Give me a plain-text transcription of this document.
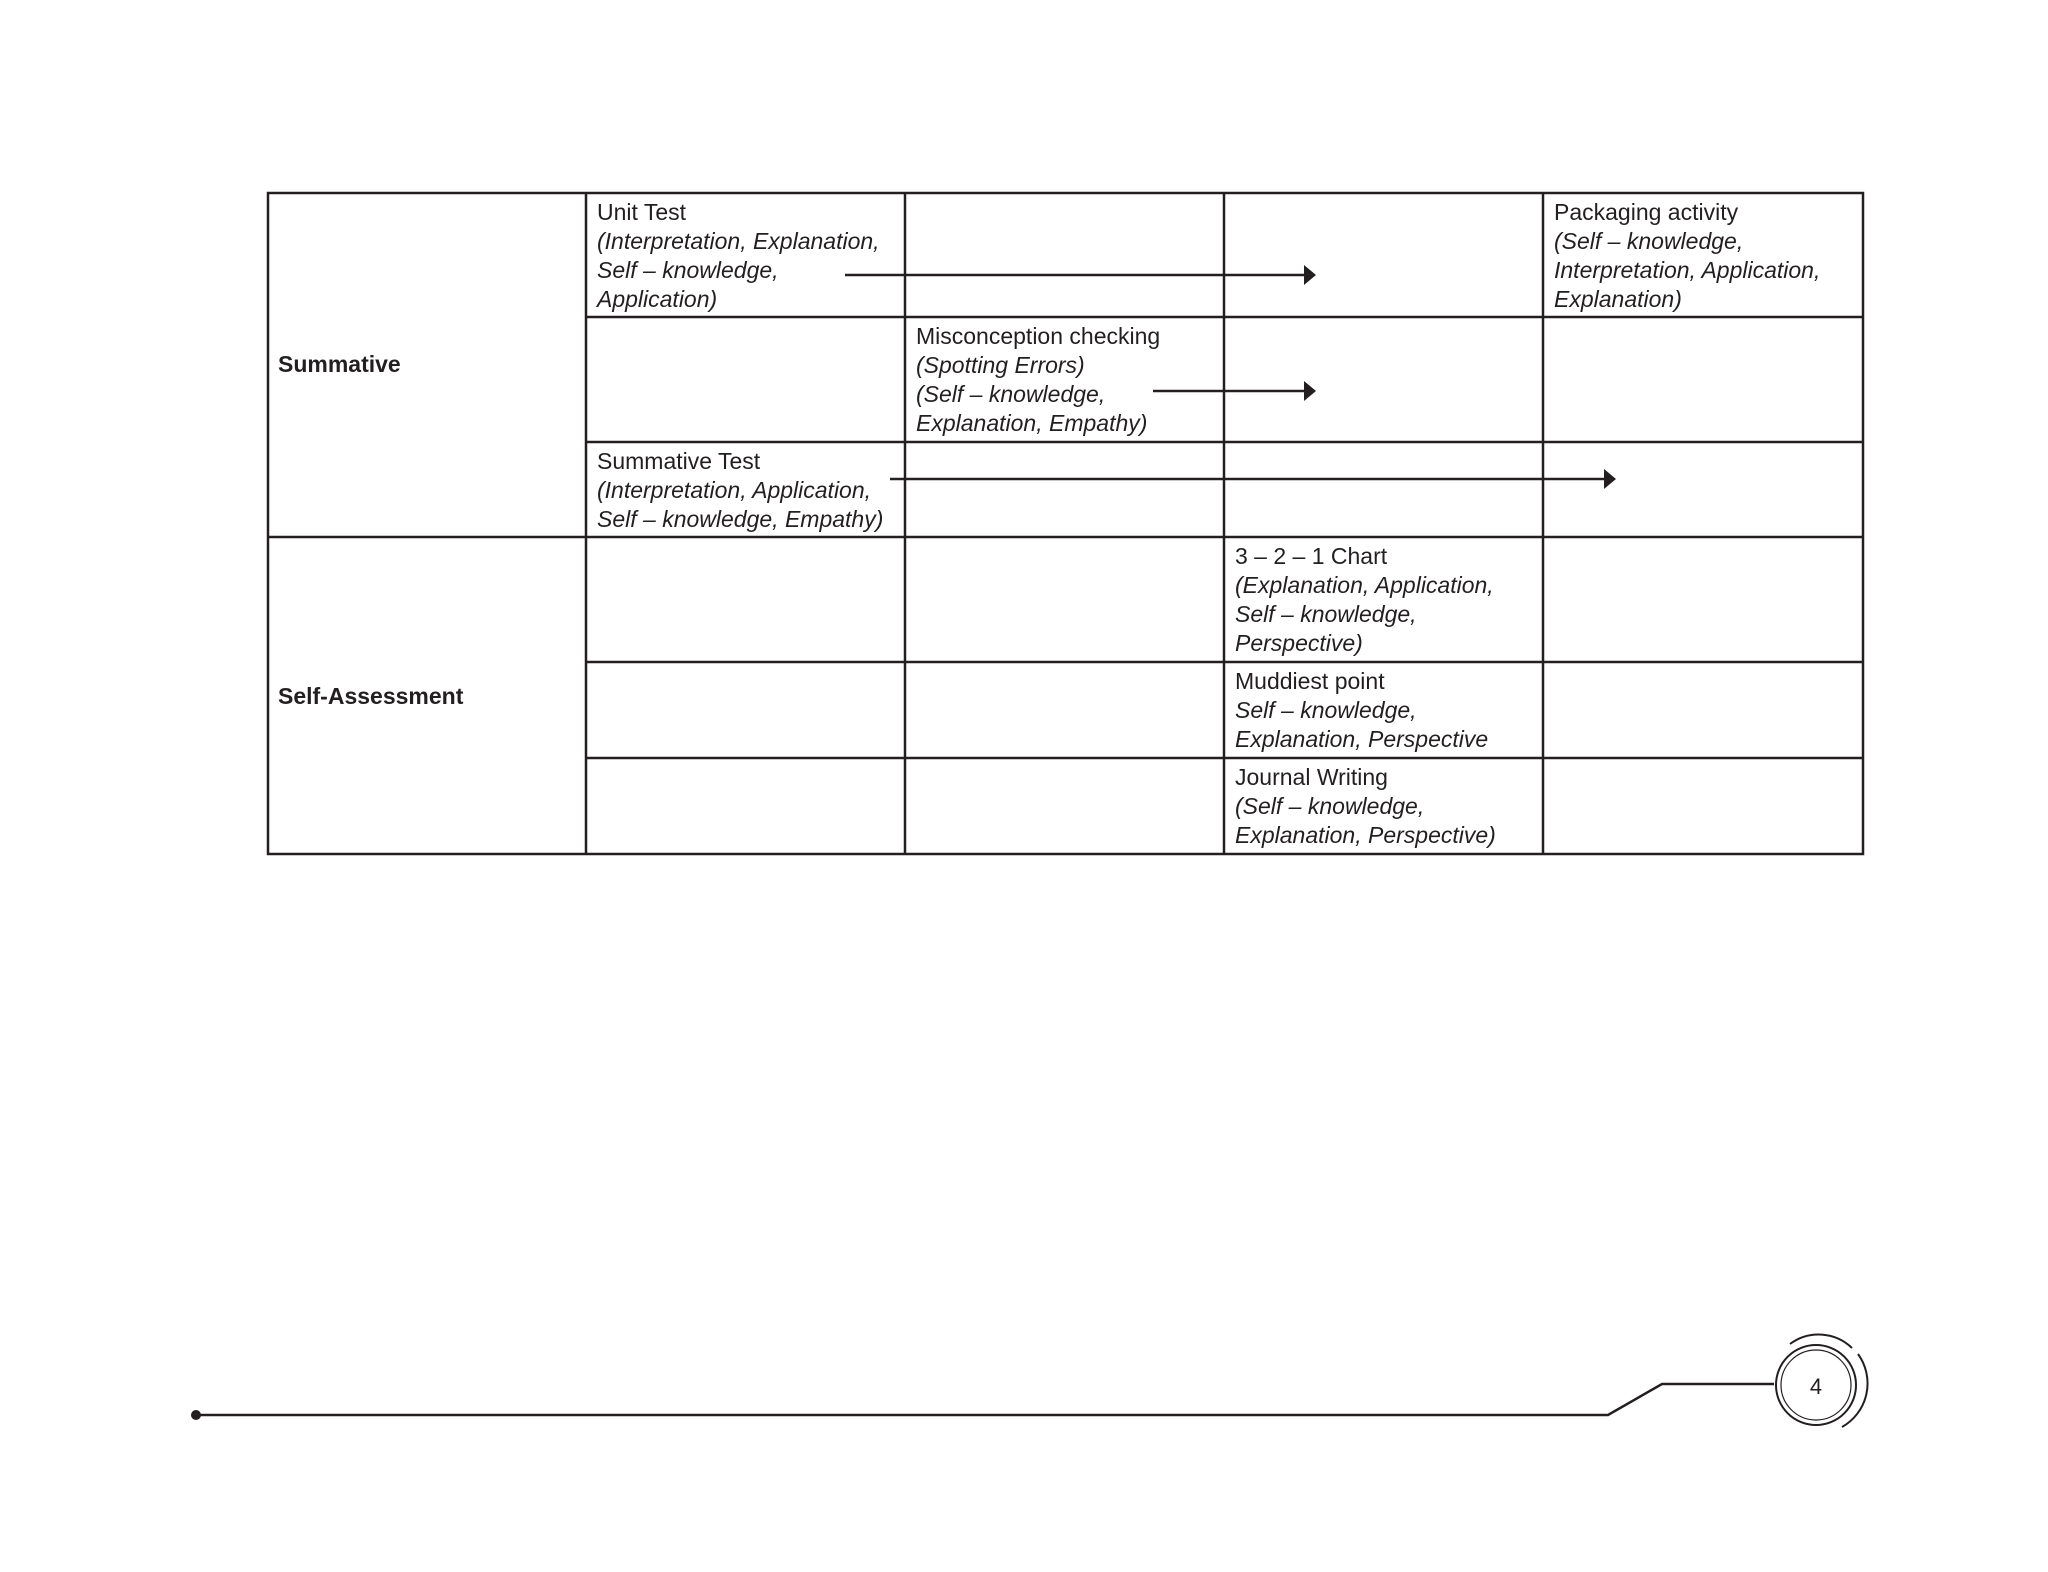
Summative
Self-Assessment
Unit Test
(Interpretation, Explanation,
Self – knowledge,
Application)
Packaging activity
(Self – knowledge,
Interpretation, Application,
Explanation)
Misconception checking
(Spotting Errors)
(Self – knowledge,
Explanation, Empathy)
Summative Test
(Interpretation, Application,
Self – knowledge, Empathy)
3 – 2 – 1 Chart
(Explanation, Application,
Self – knowledge,
Perspective)
Muddiest point
Self – knowledge,
Explanation, Perspective
Journal Writing
(Self – knowledge,
Explanation, Perspective)
4
